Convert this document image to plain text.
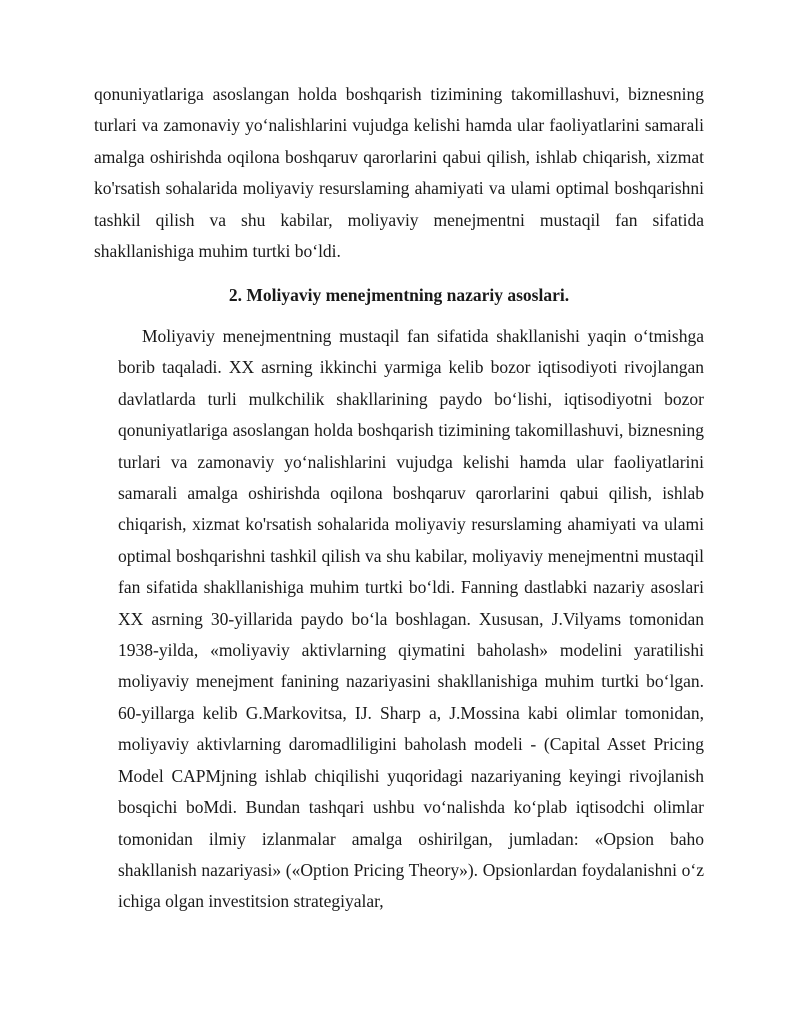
qonuniyatlariga asoslangan holda boshqarish tizimining takomillashuvi, biznesning turlari va zamonaviy yo‘nalishlarini vujudga kelishi hamda ular faoliyatlarini samarali amalga oshirishda oqilona boshqaruv qarorlarini qabui qilish, ishlab chiqarish, xizmat ko'rsatish sohalarida moliyaviy resurslaming ahamiyati va ulami optimal boshqarishni tashkil qilish va shu kabilar, moliyaviy menejmentni mustaqil fan sifatida shakllanishiga muhim turtki bo‘ldi.

2. Moliyaviy menejmentning nazariy asoslari.

Moliyaviy menejmentning mustaqil fan sifatida shakllanishi yaqin o‘tmishga borib taqaladi. XX asrning ikkinchi yarmiga kelib bozor iqtisodiyoti rivojlangan davlatlarda turli mulkchilik shakllarining paydo bo‘lishi, iqtisodiyotni bozor qonuniyatlariga asoslangan holda boshqarish tizimining takomillashuvi, biznesning turlari va zamonaviy yo‘nalishlarini vujudga kelishi hamda ular faoliyatlarini samarali amalga oshirishda oqilona boshqaruv qarorlarini qabui qilish, ishlab chiqarish, xizmat ko'rsatish sohalarida moliyaviy resurslaming ahamiyati va ulami optimal boshqarishni tashkil qilish va shu kabilar, moliyaviy menejmentni mustaqil fan sifatida shakllanishiga muhim turtki bo‘ldi. Fanning dastlabki nazariy asoslari XX asrning 30-yillarida paydo bo‘la boshlagan. Xususan, J.Vilyams tomonidan 1938-yilda, «moliyaviy aktivlarning qiymatini baholash» modelini yaratilishi moliyaviy menejment fanining nazariyasini shakllanishiga muhim turtki bo‘lgan. 60-yillarga kelib G.Markovitsa, IJ. Sharp a, J.Mossina kabi olimlar tomonidan, moliyaviy aktivlarning daromadliligini baholash modeli - (Capital Asset Pricing Model CAPMjning ishlab chiqilishi yuqoridagi nazariyaning keyingi rivojlanish bosqichi boMdi. Bundan tashqari ushbu vo‘nalishda ko‘plab iqtisodchi olimlar tomonidan ilmiy izlanmalar amalga oshirilgan, jumladan: «Opsion baho shakllanish nazariyasi» («Option Pricing Theory»). Opsionlardan foydalanishni o‘z ichiga olgan investitsion strategiyalar,
